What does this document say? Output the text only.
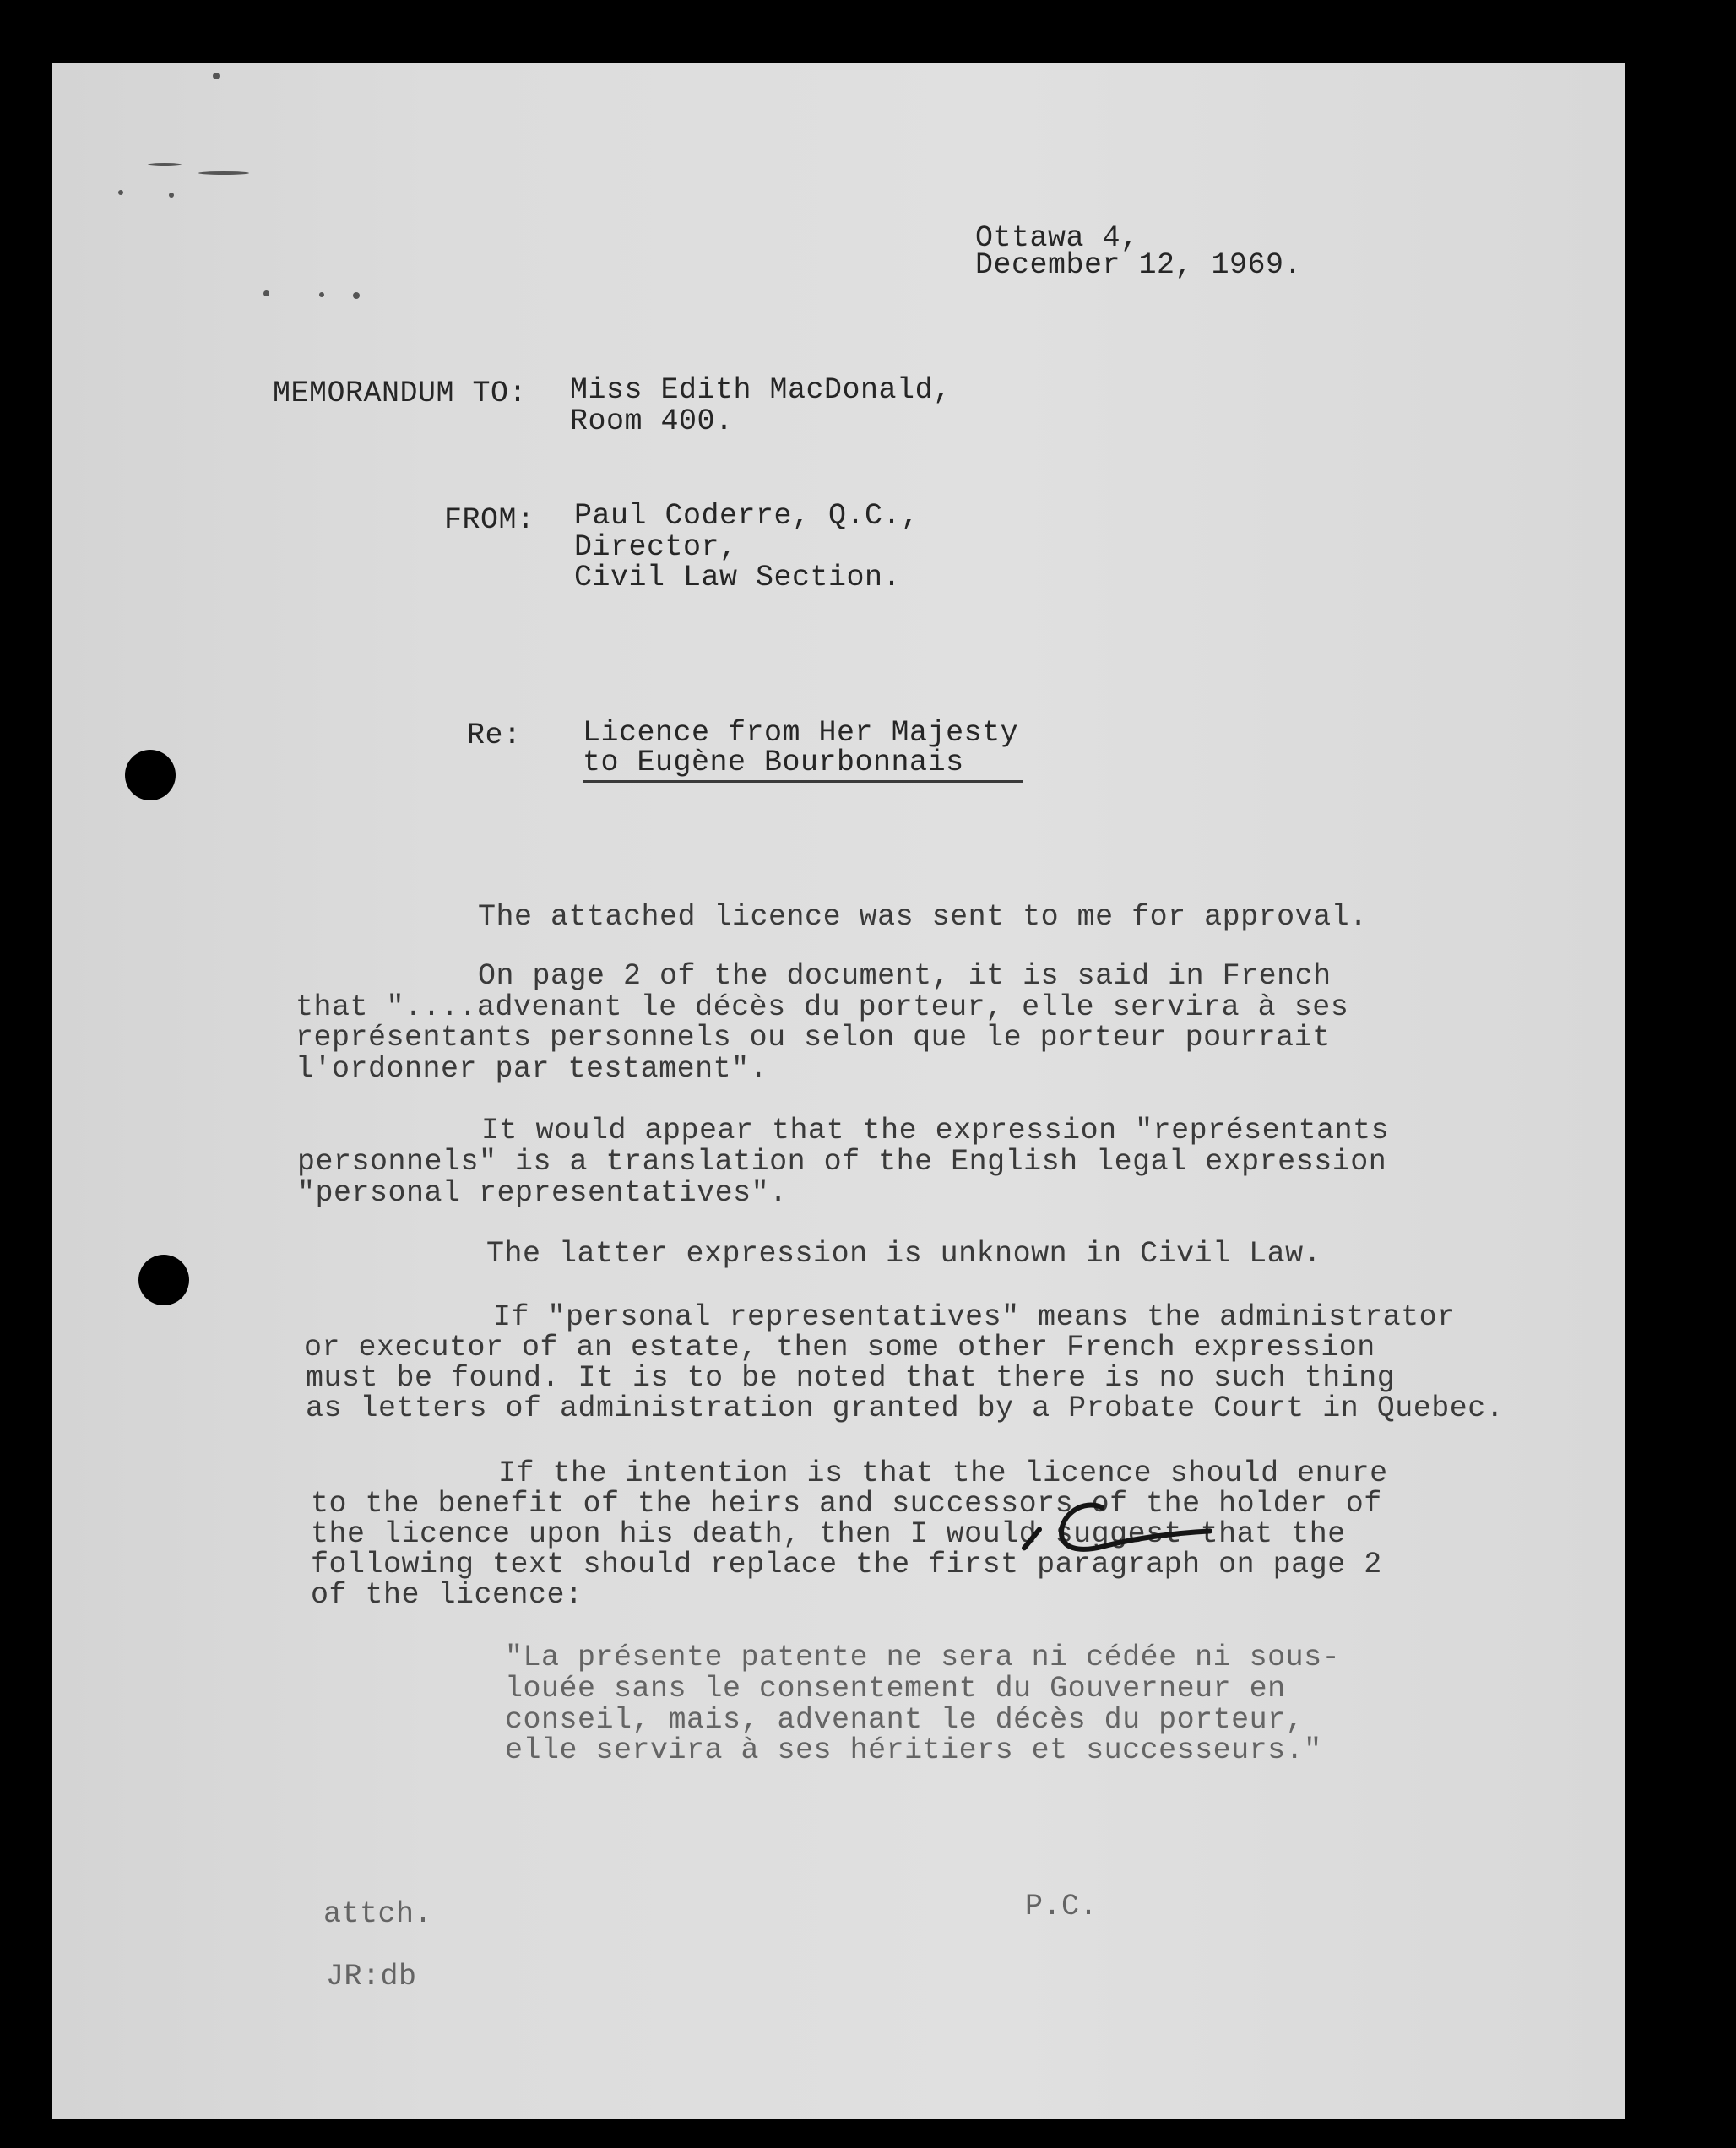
Ottawa 4,
December 12, 1969.
MEMORANDUM TO: Miss Edith MacDonald,
Room 400.
FROM: Paul Coderre, Q.C.,
Director,
Civil Law Section.
Re: Licence from Her Majesty
to Eugène Bourbonnais
The attached licence was sent to me for approval.
On page 2 of the document, it is said in French
that "....advenant le décès du porteur, elle servira à ses
représentants personnels ou selon que le porteur pourrait
l'ordonner par testament".
It would appear that the expression "représentants
personnels" is a translation of the English legal expression
"personal representatives".
The latter expression is unknown in Civil Law.
If "personal representatives" means the administrator
or executor of an estate, then some other French expression
must be found. It is to be noted that there is no such thing
as letters of administration granted by a Probate Court in Quebec.
If the intention is that the licence should enure
to the benefit of the heirs and successors of the holder of
the licence upon his death, then I would suggest that the
following text should replace the first paragraph on page 2
of the licence:
"La présente patente ne sera ni cédée ni sous-
louée sans le consentement du Gouverneur en
conseil, mais, advenant le décès du porteur,
elle servira à ses héritiers et successeurs."
P.C.
attch.
JR:db
